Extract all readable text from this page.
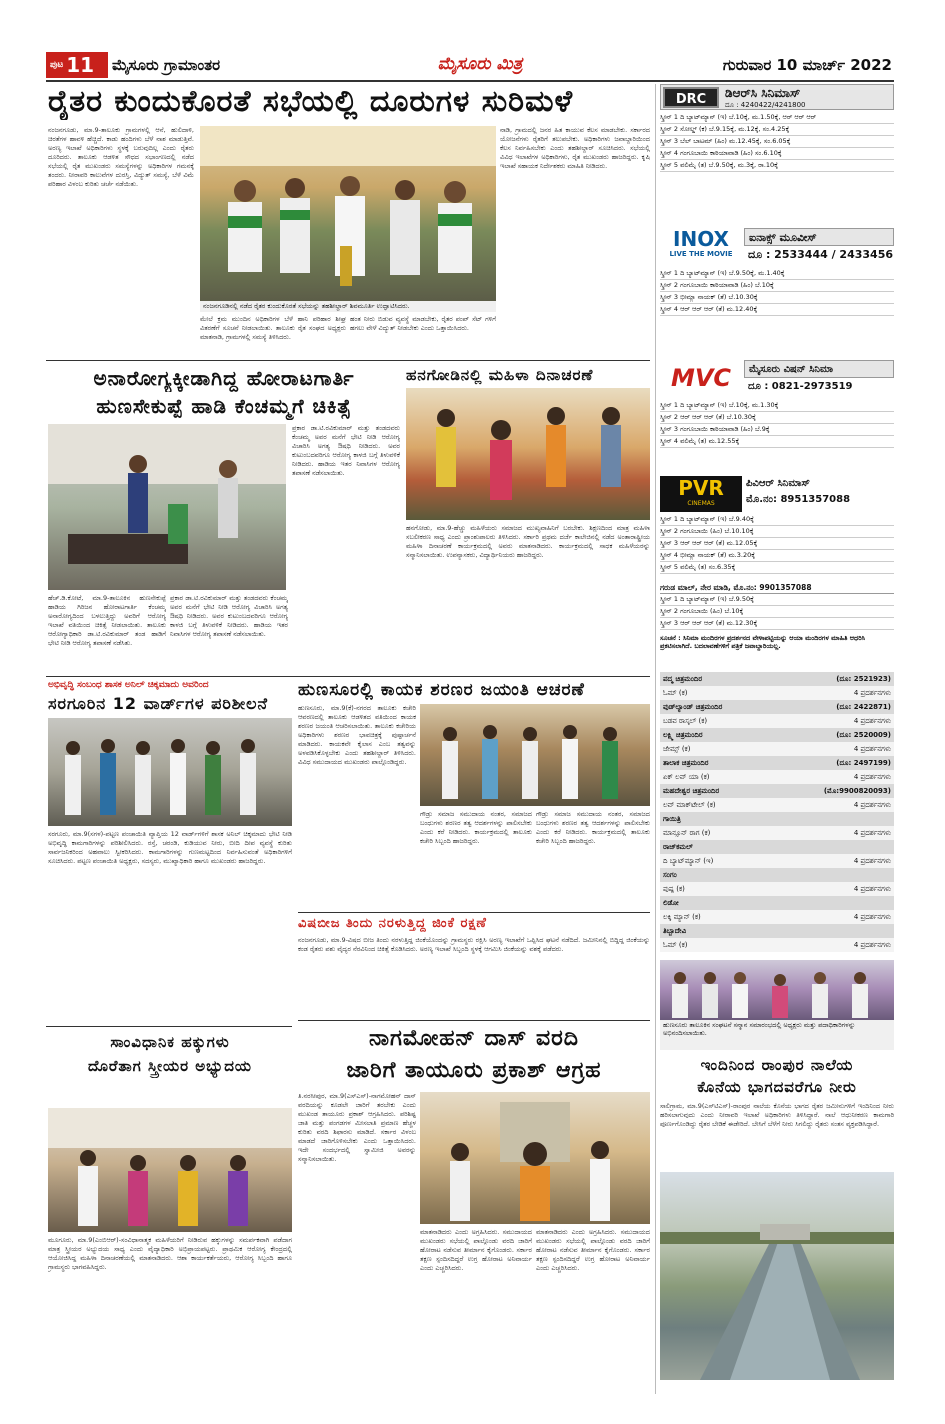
$^{ಪುಟ}$ 11	ಮೈಸೂರು ಗ್ರಾಮಾಂತರ	ಮೈಸೂರು ಮಿತ್ರ	ಗುರುವಾರ 10 ಮಾರ್ಚ್ 2022
ರೈತರ ಕುಂದುಕೊರತೆ ಸಭೆಯಲ್ಲಿ ದೂರುಗಳ ಸುರಿಮಳೆ
ನಂಜನಗೂಡು, ಮಾ.9-ತಾಲೂಕು ಗ್ರಾಮಗಳಲ್ಲಿ ಆನೆ, ಹುಲಿದಾಳಿ, ಚಿರತೆಗಳ ಹಾವಳಿ ಹೆಚ್ಚಿದೆ. ಕಾಡು ಹಂದಿಗಳು ಬೆಳೆ ನಾಶ ಮಾಡುತ್ತಿವೆ. ಅರಣ್ಯ ಇಲಾಖೆ ಅಧಿಕಾರಿಗಳು ಸ್ಥಳಕ್ಕೆ ಬರುವುದಿಲ್ಲ ಎಂದು ರೈತರು ದೂರಿದರು. ತಾಲೂಕು ಆಡಳಿತ ಸೌಧದ ಸಭಾಂಗಣದಲ್ಲಿ ನಡೆದ ಸಭೆಯಲ್ಲಿ ರೈತ ಮುಖಂಡರು ಸಮಸ್ಯೆಗಳನ್ನು ಅಧಿಕಾರಿಗಳ ಗಮನಕ್ಕೆ ತಂದರು. ನೀರಾವರಿ ಕಾಲುವೆಗಳ ದುರಸ್ತಿ, ವಿದ್ಯುತ್ ಸಮಸ್ಯೆ, ಬೆಳೆ ವಿಮೆ ಪರಿಹಾರ ವಿಳಂಬ ಕುರಿತು ಚರ್ಚೆ ನಡೆಯಿತು.
ನಂಜನಗೂಡಿನಲ್ಲಿ ನಡೆದ ರೈತರ ಕುಂದುಕೊರತೆ ಸಭೆಯನ್ನು ತಹಶೀಲ್ದಾರ್ ಶಿವಮೂರ್ತಿ ಉದ್ಘಾಟಿಸಿದರು.
ಮೇಲೆ ಕ್ರಮ ಮುಂದಿನ ಅಧಿಕಾರಿಗಳ ಬೆಳೆ ಹಾನಿ ಪರಿಹಾರ ಶೀಘ್ರ ವಿತರಣೆಗೆ ಸೂಚನೆ ನೀಡಲಾಯಿತು. ತಾಲೂಕು ರೈತ ಸಂಘದ ಅಧ್ಯಕ್ಷರು ಮಾತನಾಡಿ, ಗ್ರಾಮಗಳಲ್ಲಿ ಸಮಸ್ಯೆ ತಿಳಿಸಿದರು.
ಹಂತ ನೀರು ಬಿಡುವ ವ್ಯವಸ್ಥೆ ಮಾಡಬೇಕು, ರೈತರ ಪಂಪ್ ಸೆಟ್ ಗಳಿಗೆ ಹಗಲು ವೇಳೆ ವಿದ್ಯುತ್ ನೀಡಬೇಕು ಎಂದು ಒತ್ತಾಯಿಸಿದರು.
ನಾಡಿ, ಗ್ರಾಮದಲ್ಲಿ ಜನರ ಹಿತ ಕಾಯುವ ಕೆಲಸ ಮಾಡಬೇಕು. ಸರ್ಕಾರದ ಯೋಜನೆಗಳು ರೈತರಿಗೆ ತಲುಪಬೇಕು. ಅಧಿಕಾರಿಗಳು ಜವಾಬ್ದಾರಿಯಿಂದ ಕೆಲಸ ನಿರ್ವಹಿಸಬೇಕು ಎಂದು ತಹಶೀಲ್ದಾರ್ ಸೂಚಿಸಿದರು. ಸಭೆಯಲ್ಲಿ ವಿವಿಧ ಇಲಾಖೆಗಳ ಅಧಿಕಾರಿಗಳು, ರೈತ ಮುಖಂಡರು ಹಾಜರಿದ್ದರು. ಕೃಷಿ ಇಲಾಖೆ ಸಹಾಯಕ ನಿರ್ದೇಶಕರು ಮಾಹಿತಿ ನೀಡಿದರು.
DRC	ಡಿಆರ್‌ಸಿ ಸಿನಿಮಾಸ್
ದೂ : 4240422/4241800
ಸ್ಕ್ರೀನ್ 1 ದಿ ಬ್ಯಾಟ್‌ಮ್ಯಾನ್ (ಇ) ಬೆ.10ಕ್ಕೆ, ಮ.1.50ಕ್ಕೆ, ಆರ್ ಆರ್ ಆರ್
ಸ್ಕ್ರೀನ್ 2 ಸೋಲ್ಡ್ (ಕ) ಬೆ.9.15ಕ್ಕೆ, ಮ.12ಕ್ಕೆ, ಸಂ.4.25ಕ್ಕೆ
ಸ್ಕ್ರೀನ್ 3 ಬೆಲ್ ಬಾಟಮ್ (ಹಿಂ) ಮ.12.45ಕ್ಕೆ, ಸಂ.6.05ಕ್ಕೆ
ಸ್ಕ್ರೀನ್ 4 ಗಂಗೂಬಾಯಿ ಕಾಠಿಯಾವಾಡಿ (ಹಿಂ) ಸಂ.6.10ಕ್ಕೆ
ಸ್ಕ್ರೀನ್ 5 ವಲಿಮೈ (ತ) ಬೆ.9.50ಕ್ಕೆ, ಮ.3ಕ್ಕೆ, ರಾ.10ಕ್ಕೆ
INOX
LIVE THE MOVIE
ಐನಾಕ್ಸ್ ಮೂವೀಸ್
ದೂ : 2533444 / 2433456
ಸ್ಕ್ರೀನ್ 1 ದಿ ಬ್ಯಾಟ್‌ಮ್ಯಾನ್ (ಇ) ಬೆ.9.50ಕ್ಕೆ, ಮ.1.40ಕ್ಕೆ
ಸ್ಕ್ರೀನ್ 2 ಗಂಗೂಬಾಯಿ ಕಾಠಿಯಾವಾಡಿ (ಹಿಂ) ಬೆ.10ಕ್ಕೆ
ಸ್ಕ್ರೀನ್ 3 ಭೀಮ್ಲಾ ನಾಯಕ್ (ತೆ) ಬೆ.10.30ಕ್ಕೆ
ಸ್ಕ್ರೀನ್ 4 ಆರ್ ಆರ್ ಆರ್ (ತೆ) ಮ.12.40ಕ್ಕೆ
MVC	ಮೈಸೂರು ವಿಷನ್ ಸಿನಿಮಾ
ದೂ : 0821-2973519
ಸ್ಕ್ರೀನ್ 1 ದಿ ಬ್ಯಾಟ್‌ಮ್ಯಾನ್ (ಇ) ಬೆ.10ಕ್ಕೆ, ಮ.1.30ಕ್ಕೆ
ಸ್ಕ್ರೀನ್ 2 ಆರ್ ಆರ್ ಆರ್ (ತೆ) ಬೆ.10.30ಕ್ಕೆ
ಸ್ಕ್ರೀನ್ 3 ಗಂಗೂಬಾಯಿ ಕಾಠಿಯಾವಾಡಿ (ಹಿಂ) ಬೆ.9ಕ್ಕೆ
ಸ್ಕ್ರೀನ್ 4 ವಲಿಮೈ (ತ) ಮ.12.55ಕ್ಕೆ
PVR
CINEMAS
ಪಿವಿಆರ್ ಸಿನಿಮಾಸ್
ಮೊ.ನಂ: 8951357088
ಸ್ಕ್ರೀನ್ 1 ದಿ ಬ್ಯಾಟ್‌ಮ್ಯಾನ್ (ಇ) ಬೆ.9.40ಕ್ಕೆ
ಸ್ಕ್ರೀನ್ 2 ಗಂಗೂಬಾಯಿ (ಹಿಂ) ಬೆ.10.10ಕ್ಕೆ
ಸ್ಕ್ರೀನ್ 3 ಆರ್ ಆರ್ ಆರ್ (ತೆ) ಮ.12.05ಕ್ಕೆ
ಸ್ಕ್ರೀನ್ 4 ಭೀಮ್ಲಾ ನಾಯಕ್ (ತೆ) ಮ.3.20ಕ್ಕೆ
ಸ್ಕ್ರೀನ್ 5 ವಲಿಮೈ (ತ) ಸಂ.6.35ಕ್ಕೆ
ಗರುಡ ಮಾಲ್, ನೇರ ಮಾಡಿ, ಮೊ.ನಂ: 9901357088
ಸ್ಕ್ರೀನ್ 1 ದಿ ಬ್ಯಾಟ್‌ಮ್ಯಾನ್ (ಇ) ಬೆ.9.50ಕ್ಕೆ
ಸ್ಕ್ರೀನ್ 2 ಗಂಗೂಬಾಯಿ (ಹಿಂ) ಬೆ.10ಕ್ಕೆ
ಸ್ಕ್ರೀನ್ 3 ಆರ್ ಆರ್ ಆರ್ (ತೆ) ಮ.12.30ಕ್ಕೆ
ಸೂಚನೆ : ಸಿನಿಮಾ ಮಂದಿರಗಳ ಪ್ರದರ್ಶನದ ವೇಳಾಪಟ್ಟಿಯನ್ನು ಆಯಾ ಮಂದಿರಗಳ ಮಾಹಿತಿ ಆಧರಿಸಿ ಪ್ರಕಟಿಸಲಾಗಿದೆ. ಬದಲಾವಣೆಗಳಿಗೆ ಪತ್ರಿಕೆ ಜವಾಬ್ದಾರಿಯಲ್ಲ.
ಪದ್ಮ ಚಿತ್ರಮಂದಿರ	(ದೂ: 2521923)
ಓಮ್ (ಕ)	4 ಪ್ರದರ್ಶನಗಳು
ವುಡ್‌ಲ್ಯಾಂಡ್ ಚಿತ್ರಮಂದಿರ	(ದೂ: 2422871)
ಬಡವ ರಾಸ್ಕಲ್ (ಕ)	4 ಪ್ರದರ್ಶನಗಳು
ಲಕ್ಷ್ಮಿ ಚಿತ್ರಮಂದಿರ	(ದೂ: 2520009)
ಜೇಮ್ಸ್ (ಕ)	4 ಪ್ರದರ್ಶನಗಳು
ತಾಲಾಕ ಚಿತ್ರಮಂದಿರ	(ದೂ: 2497199)
ಏಕ್ ಲವ್ ಯಾ (ಕ)	4 ಪ್ರದರ್ಶನಗಳು
ಮಹದೇಶ್ವರ ಚಿತ್ರಮಂದಿರ	(ಮೊ:9900820093)
ಲವ್ ಮಾಕ್‌ಟೇಲ್ (ಕ)	4 ಪ್ರದರ್ಶನಗಳು
ಗಾಯಿತ್ರಿ
ಮಾನ್ಸೂನ್ ರಾಗ (ಕ)	4 ಪ್ರದರ್ಶನಗಳು
ರಾಜ್‌ಕಮಲ್
ದಿ ಬ್ಯಾಟ್‌ಮ್ಯಾನ್ (ಇ)	4 ಪ್ರದರ್ಶನಗಳು
ಸಂಗಂ
ಪುಷ್ಪ (ಕ)	4 ಪ್ರದರ್ಶನಗಳು
ಲಿಡೋ
ಲಕ್ಕಿ ಮ್ಯಾನ್ (ಕ)	4 ಪ್ರದರ್ಶನಗಳು
ತಿಬ್ಬಾದೇವಿ
ಓಮ್ (ಕ)	4 ಪ್ರದರ್ಶನಗಳು
ಹುಣಸೂರು ತಾಲೂಕಿನ ಸಂಘಟನೆ ಸನ್ಮಾನ ಸಮಾರಂಭದಲ್ಲಿ ಅಧ್ಯಕ್ಷರು ಮತ್ತು ಪದಾಧಿಕಾರಿಗಳನ್ನು ಅಭಿನಂದಿಸಲಾಯಿತು.
ಇಂದಿನಿಂದ ರಾಂಪುರ ನಾಲೆಯ
ಕೊನೆಯ ಭಾಗದವರೆಗೂ ನೀರು
ಸಾಲಿಗ್ರಾಮ, ಮಾ.9(ಎಸ್‌ಟಿಎಸ್)-ರಾಂಪುರ ನಾಲೆಯ ಕೊನೆಯ ಭಾಗದ ರೈತರ ಜಮೀನುಗಳಿಗೆ ಇಂದಿನಿಂದ ನೀರು ಹರಿಸಲಾಗುವುದು ಎಂದು ನೀರಾವರಿ ಇಲಾಖೆ ಅಧಿಕಾರಿಗಳು ತಿಳಿಸಿದ್ದಾರೆ. ನಾಲೆ ಆಧುನೀಕರಣ ಕಾಮಗಾರಿ ಪೂರ್ಣಗೊಂಡಿದ್ದು ರೈತರ ಬೇಡಿಕೆ ಈಡೇರಿದೆ. ಬೇಸಿಗೆ ಬೆಳೆಗೆ ನೀರು ಸಿಗಲಿದ್ದು ರೈತರು ಸಂತಸ ವ್ಯಕ್ತಪಡಿಸಿದ್ದಾರೆ.
ಅನಾರೋಗ್ಯಕ್ಕೀಡಾಗಿದ್ದ ಹೋರಾಟಗಾರ್ತಿ
ಹುಣಸೇಕುಪ್ಪೆ ಹಾಡಿ ಕೆಂಚಮ್ಮಗೆ ಚಿಕಿತ್ಸೆ
ಹೆಚ್.ಡಿ.ಕೋಟೆ, ಮಾ.9-ತಾಲೂಕಿನ ಹುಣಸೇಕುಪ್ಪೆ ಹಾಡಿಯ ಗಿರಿಜನ ಹೋರಾಟಗಾರ್ತಿ ಕೆಂಚಮ್ಮ ಅನಾರೋಗ್ಯದಿಂದ ಬಳಲುತ್ತಿದ್ದು ಅವರಿಗೆ ಆರೋಗ್ಯ ಇಲಾಖೆ ವತಿಯಿಂದ ಚಿಕಿತ್ಸೆ ನೀಡಲಾಯಿತು. ತಾಲೂಕು ಆರೋಗ್ಯಾಧಿಕಾರಿ ಡಾ.ಟಿ.ರವಿಕುಮಾರ್ ತಂಡ ಹಾಡಿಗೆ ಭೇಟಿ ನೀಡಿ ಆರೋಗ್ಯ ತಪಾಸಣೆ ನಡೆಸಿತು.
ಪ್ರಕಾರ ಡಾ.ಟಿ.ರವಿಕುಮಾರ್ ಮತ್ತು ತಂಡದವರು ಕೆಂಚಮ್ಮ ಅವರ ಮನೆಗೆ ಭೇಟಿ ನೀಡಿ ಆರೋಗ್ಯ ವಿಚಾರಿಸಿ ಅಗತ್ಯ ಔಷಧಿ ನೀಡಿದರು. ಅವರ ಕುಟುಂಬದವರಿಗೂ ಆರೋಗ್ಯ ಕಾಳಜಿ ಬಗ್ಗೆ ತಿಳುವಳಿಕೆ ನೀಡಿದರು. ಹಾಡಿಯ ಇತರ ನಿವಾಸಿಗಳ ಆರೋಗ್ಯ ತಪಾಸಣೆ ನಡೆಸಲಾಯಿತು.
ಪ್ರಕಾರ ಡಾ.ಟಿ.ರವಿಕುಮಾರ್ ಮತ್ತು ತಂಡದವರು ಕೆಂಚಮ್ಮ ಅವರ ಮನೆಗೆ ಭೇಟಿ ನೀಡಿ ಆರೋಗ್ಯ ವಿಚಾರಿಸಿ ಅಗತ್ಯ ಔಷಧಿ ನೀಡಿದರು. ಅವರ ಕುಟುಂಬದವರಿಗೂ ಆರೋಗ್ಯ ಕಾಳಜಿ ಬಗ್ಗೆ ತಿಳುವಳಿಕೆ ನೀಡಿದರು. ಹಾಡಿಯ ಇತರ ನಿವಾಸಿಗಳ ಆರೋಗ್ಯ ತಪಾಸಣೆ ನಡೆಸಲಾಯಿತು.
ಹನಗೋಡಿನಲ್ಲಿ ಮಹಿಳಾ ದಿನಾಚರಣೆ
ಹನಗೋಡು, ಮಾ.9-ಹೆಚ್ಚು ಮಹಿಳೆಯರು ಸಮಾಜದ ಮುಖ್ಯವಾಹಿನಿಗೆ ಬರಬೇಕು. ಶಿಕ್ಷಣದಿಂದ ಮಾತ್ರ ಮಹಿಳಾ ಸಬಲೀಕರಣ ಸಾಧ್ಯ ಎಂದು ಪ್ರಾಂಶುಪಾಲರು ತಿಳಿಸಿದರು. ಸರ್ಕಾರಿ ಪ್ರಥಮ ದರ್ಜೆ ಕಾಲೇಜಿನಲ್ಲಿ ನಡೆದ ಅಂತಾರಾಷ್ಟ್ರೀಯ ಮಹಿಳಾ ದಿನಾಚರಣೆ ಕಾರ್ಯಕ್ರಮದಲ್ಲಿ ಅವರು ಮಾತನಾಡಿದರು. ಕಾರ್ಯಕ್ರಮದಲ್ಲಿ ಸಾಧಕ ಮಹಿಳೆಯರನ್ನು ಸನ್ಮಾನಿಸಲಾಯಿತು. ಉಪನ್ಯಾಸಕರು, ವಿದ್ಯಾರ್ಥಿನಿಯರು ಹಾಜರಿದ್ದರು.
ಅಭಿವೃದ್ಧಿ ಸಂಬಂಧ ಶಾಸಕ ಅನಿಲ್ ಚಿಕ್ಕಮಾದು ಅವರಿಂದ
ಸರಗೂರಿನ 12 ವಾರ್ಡ್‌ಗಳ ಪರಿಶೀಲನೆ
ಸರಗೂರು, ಮಾ.9(ಸಗಳ)-ಪಟ್ಟಣ ಪಂಚಾಯಿತಿ ವ್ಯಾಪ್ತಿಯ 12 ವಾರ್ಡ್‌ಗಳಿಗೆ ಶಾಸಕ ಅನಿಲ್ ಚಿಕ್ಕಮಾದು ಭೇಟಿ ನೀಡಿ ಅಭಿವೃದ್ಧಿ ಕಾಮಗಾರಿಗಳನ್ನು ಪರಿಶೀಲಿಸಿದರು. ರಸ್ತೆ, ಚರಂಡಿ, ಕುಡಿಯುವ ನೀರು, ಬೀದಿ ದೀಪ ವ್ಯವಸ್ಥೆ ಕುರಿತು ಸಾರ್ವಜನಿಕರಿಂದ ಅಹವಾಲು ಸ್ವೀಕರಿಸಿದರು. ಕಾಮಗಾರಿಗಳನ್ನು ಗುಣಮಟ್ಟದಿಂದ ನಿರ್ವಹಿಸುವಂತೆ ಅಧಿಕಾರಿಗಳಿಗೆ ಸೂಚಿಸಿದರು. ಪಟ್ಟಣ ಪಂಚಾಯಿತಿ ಅಧ್ಯಕ್ಷರು, ಸದಸ್ಯರು, ಮುಖ್ಯಾಧಿಕಾರಿ ಹಾಗೂ ಮುಖಂಡರು ಹಾಜರಿದ್ದರು.
ಹುಣಸೂರಲ್ಲಿ ಕಾಯಕ ಶರಣರ ಜಯಂತಿ ಆಚರಣೆ
ಹುಣಸೂರು, ಮಾ.9(ಕೆ)-ನಗರದ ತಾಲೂಕು ಕಚೇರಿ ಆವರಣದಲ್ಲಿ ತಾಲೂಕು ಆಡಳಿತದ ವತಿಯಿಂದ ಕಾಯಕ ಶರಣರ ಜಯಂತಿ ಆಚರಿಸಲಾಯಿತು. ತಾಲೂಕು ಕಚೇರಿಯ ಅಧಿಕಾರಿಗಳು ಶರಣರ ಭಾವಚಿತ್ರಕ್ಕೆ ಪುಷ್ಪಾರ್ಚನೆ ಮಾಡಿದರು. ಕಾಯಕವೇ ಕೈಲಾಸ ಎಂಬ ತತ್ವವನ್ನು ಅಳವಡಿಸಿಕೊಳ್ಳಬೇಕು ಎಂದು ತಹಶೀಲ್ದಾರ್ ತಿಳಿಸಿದರು. ವಿವಿಧ ಸಮುದಾಯದ ಮುಖಂಡರು ಪಾಲ್ಗೊಂಡಿದ್ದರು.
ಗೌಡ್ರು ಸಮಾಜ ಸಮುದಾಯ ನಂತರ, ಸಮಾಜದ ಬಂಧುಗಳು ಶರಣರ ತತ್ವ ಆದರ್ಶಗಳನ್ನು ಪಾಲಿಸಬೇಕು ಎಂದು ಕರೆ ನೀಡಿದರು. ಕಾರ್ಯಕ್ರಮದಲ್ಲಿ ತಾಲೂಕು ಕಚೇರಿ ಸಿಬ್ಬಂದಿ ಹಾಜರಿದ್ದರು.
ಗೌಡ್ರು ಸಮಾಜ ಸಮುದಾಯ ನಂತರ, ಸಮಾಜದ ಬಂಧುಗಳು ಶರಣರ ತತ್ವ ಆದರ್ಶಗಳನ್ನು ಪಾಲಿಸಬೇಕು ಎಂದು ಕರೆ ನೀಡಿದರು. ಕಾರ್ಯಕ್ರಮದಲ್ಲಿ ತಾಲೂಕು ಕಚೇರಿ ಸಿಬ್ಬಂದಿ ಹಾಜರಿದ್ದರು.
ವಿಷಬೀಜ ತಿಂದು ನರಳುತ್ತಿದ್ದ ಜಿಂಕೆ ರಕ್ಷಣೆ
ನಂಜನಗೂಡು, ಮಾ.9-ವಿಷದ ಬೀಜ ತಿಂದು ನರಳುತ್ತಿದ್ದ ಜಿಂಕೆಯೊಂದನ್ನು ಗ್ರಾಮಸ್ಥರು ರಕ್ಷಿಸಿ ಅರಣ್ಯ ಇಲಾಖೆಗೆ ಒಪ್ಪಿಸಿದ ಘಟನೆ ನಡೆದಿದೆ. ಜಮೀನಿನಲ್ಲಿ ಬಿದ್ದಿದ್ದ ಜಿಂಕೆಯನ್ನು ಕಂಡ ರೈತರು ಪಶು ವೈದ್ಯರ ನೆರವಿನಿಂದ ಚಿಕಿತ್ಸೆ ಕೊಡಿಸಿದರು. ಅರಣ್ಯ ಇಲಾಖೆ ಸಿಬ್ಬಂದಿ ಸ್ಥಳಕ್ಕೆ ಆಗಮಿಸಿ ಜಿಂಕೆಯನ್ನು ವಶಕ್ಕೆ ಪಡೆದರು.
ನಾಗಮೋಹನ್ ದಾಸ್ ವರದಿ
ಜಾರಿಗೆ ತಾಯೂರು ಪ್ರಕಾಶ್ ಆಗ್ರಹ
ತಿ.ನರಸೀಪುರ, ಮಾ.9(ಎಸ್‌ಎಸ್)-ನಾಗಮೋಹನ್ ದಾಸ್ ವರದಿಯನ್ನು ಕೂಡಲೇ ಜಾರಿಗೆ ತರಬೇಕು ಎಂದು ಮುಖಂಡ ತಾಯೂರು ಪ್ರಕಾಶ್ ಆಗ್ರಹಿಸಿದರು. ಪರಿಶಿಷ್ಟ ಜಾತಿ ಮತ್ತು ಪಂಗಡಗಳ ಮೀಸಲಾತಿ ಪ್ರಮಾಣ ಹೆಚ್ಚಳ ಕುರಿತು ವರದಿ ಶಿಫಾರಸು ಮಾಡಿದೆ. ಸರ್ಕಾರ ವಿಳಂಬ ಮಾಡದೆ ಜಾರಿಗೊಳಿಸಬೇಕು ಎಂದು ಒತ್ತಾಯಿಸಿದರು. ಇದೇ ಸಂದರ್ಭದಲ್ಲಿ ಸ್ವಾಮೀಜಿ ಅವರನ್ನು ಸನ್ಮಾನಿಸಲಾಯಿತು.
ಮಾತನಾಡಿದರು ಎಂದು ಅಗ್ರಹಿಸಿದರು. ಸಮುದಾಯದ ಮುಖಂಡರು ಸಭೆಯಲ್ಲಿ ಪಾಲ್ಗೊಂಡು ವರದಿ ಜಾರಿಗೆ ಹೋರಾಟ ನಡೆಸುವ ತೀರ್ಮಾನ ಕೈಗೊಂಡರು. ಸರ್ಕಾರ ತಕ್ಷಣ ಸ್ಪಂದಿಸದಿದ್ದರೆ ಉಗ್ರ ಹೋರಾಟ ಅನಿವಾರ್ಯ ಎಂದು ಎಚ್ಚರಿಸಿದರು.
ಮಾತನಾಡಿದರು ಎಂದು ಅಗ್ರಹಿಸಿದರು. ಸಮುದಾಯದ ಮುಖಂಡರು ಸಭೆಯಲ್ಲಿ ಪಾಲ್ಗೊಂಡು ವರದಿ ಜಾರಿಗೆ ಹೋರಾಟ ನಡೆಸುವ ತೀರ್ಮಾನ ಕೈಗೊಂಡರು. ಸರ್ಕಾರ ತಕ್ಷಣ ಸ್ಪಂದಿಸದಿದ್ದರೆ ಉಗ್ರ ಹೋರಾಟ ಅನಿವಾರ್ಯ ಎಂದು ಎಚ್ಚರಿಸಿದರು.
ಸಾಂವಿಧಾನಿಕ ಹಕ್ಕುಗಳು
ದೊರೆತಾಗ ಸ್ತ್ರೀಯರ ಅಭ್ಯುದಯ
ಮೂಗೂರು, ಮಾ.9(ಎಂಬಿಆರ್)-ಸಂವಿಧಾನಾತ್ಮಕ ಮಹಿಳೆಯರಿಗೆ ನೀಡಿರುವ ಹಕ್ಕುಗಳನ್ನು ಸಮರ್ಪಕವಾಗಿ ಪಡೆದಾಗ ಮಾತ್ರ ಸ್ತ್ರೀಯರ ಅಭ್ಯುದಯ ಸಾಧ್ಯ ಎಂದು ವೈದ್ಯಾಧಿಕಾರಿ ಅಭಿಪ್ರಾಯಪಟ್ಟರು. ಪ್ರಾಥಮಿಕ ಆರೋಗ್ಯ ಕೇಂದ್ರದಲ್ಲಿ ಆಯೋಜಿಸಿದ್ದ ಮಹಿಳಾ ದಿನಾಚರಣೆಯಲ್ಲಿ ಮಾತನಾಡಿದರು. ಆಶಾ ಕಾರ್ಯಕರ್ತೆಯರು, ಆರೋಗ್ಯ ಸಿಬ್ಬಂದಿ ಹಾಗೂ ಗ್ರಾಮಸ್ಥರು ಭಾಗವಹಿಸಿದ್ದರು.
